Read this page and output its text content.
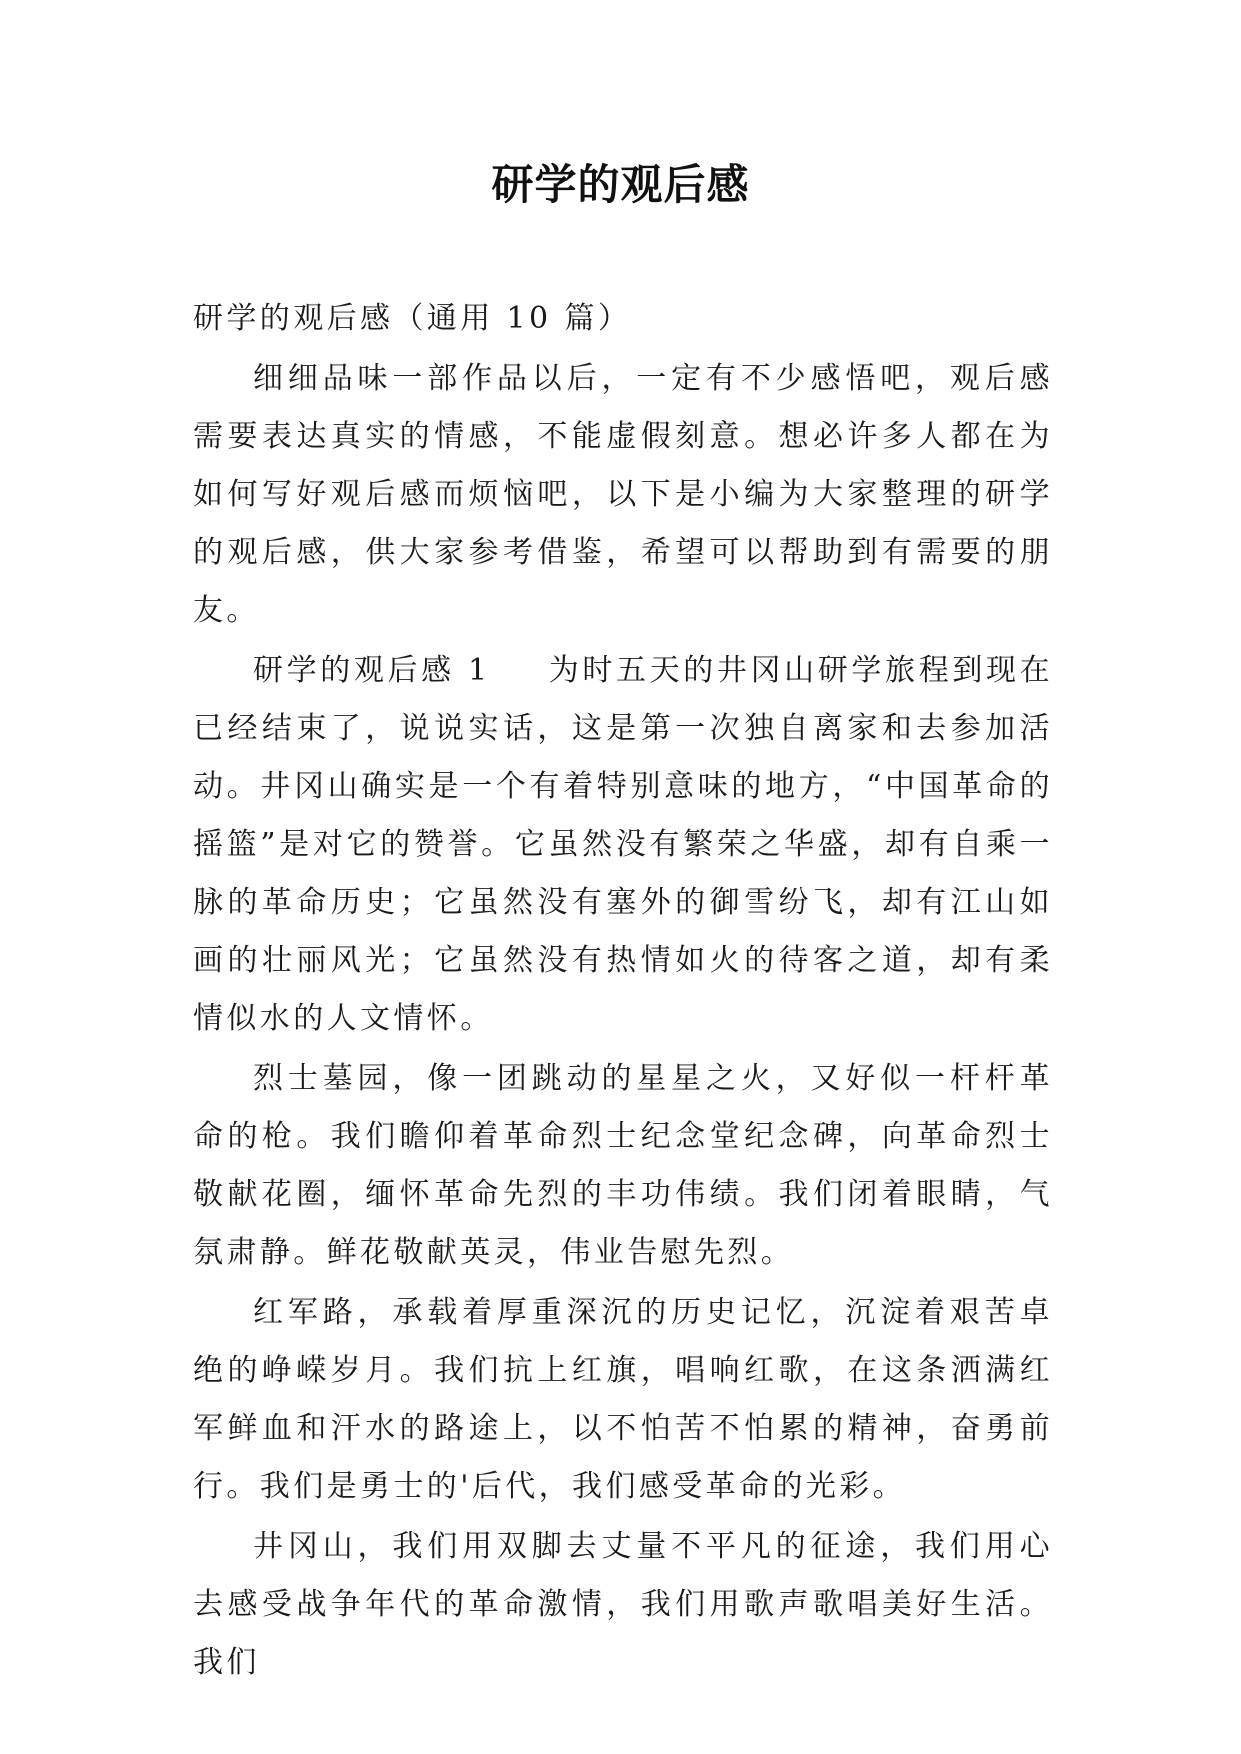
研学的观后感

研学的观后感（通用 10 篇）

细细品味一部作品以后，一定有不少感悟吧，观后感需要表达真实的情感，不能虚假刻意。想必许多人都在为如何写好观后感而烦恼吧，以下是小编为大家整理的研学的观后感，供大家参考借鉴，希望可以帮助到有需要的朋友。

研学的观后感 1 为时五天的井冈山研学旅程到现在已经结束了，说说实话，这是第一次独自离家和去参加活动。井冈山确实是一个有着特别意味的地方，“中国革命的摇篮”是对它的赞誉。它虽然没有繁荣之华盛，却有自乘一脉的革命历史；它虽然没有塞外的御雪纷飞，却有江山如画的壮丽风光；它虽然没有热情如火的待客之道，却有柔情似水的人文情怀。

烈士墓园，像一团跳动的星星之火，又好似一杆杆革命的枪。我们瞻仰着革命烈士纪念堂纪念碑，向革命烈士敬献花圈，缅怀革命先烈的丰功伟绩。我们闭着眼睛，气氛肃静。鲜花敬献英灵，伟业告慰先烈。

红军路，承载着厚重深沉的历史记忆，沉淀着艰苦卓绝的峥嵘岁月。我们抗上红旗，唱响红歌，在这条洒满红军鲜血和汗水的路途上，以不怕苦不怕累的精神，奋勇前行。我们是勇士的'后代，我们感受革命的光彩。

井冈山，我们用双脚去丈量不平凡的征途，我们用心去感受战争年代的革命激情，我们用歌声歌唱美好生活。我们
